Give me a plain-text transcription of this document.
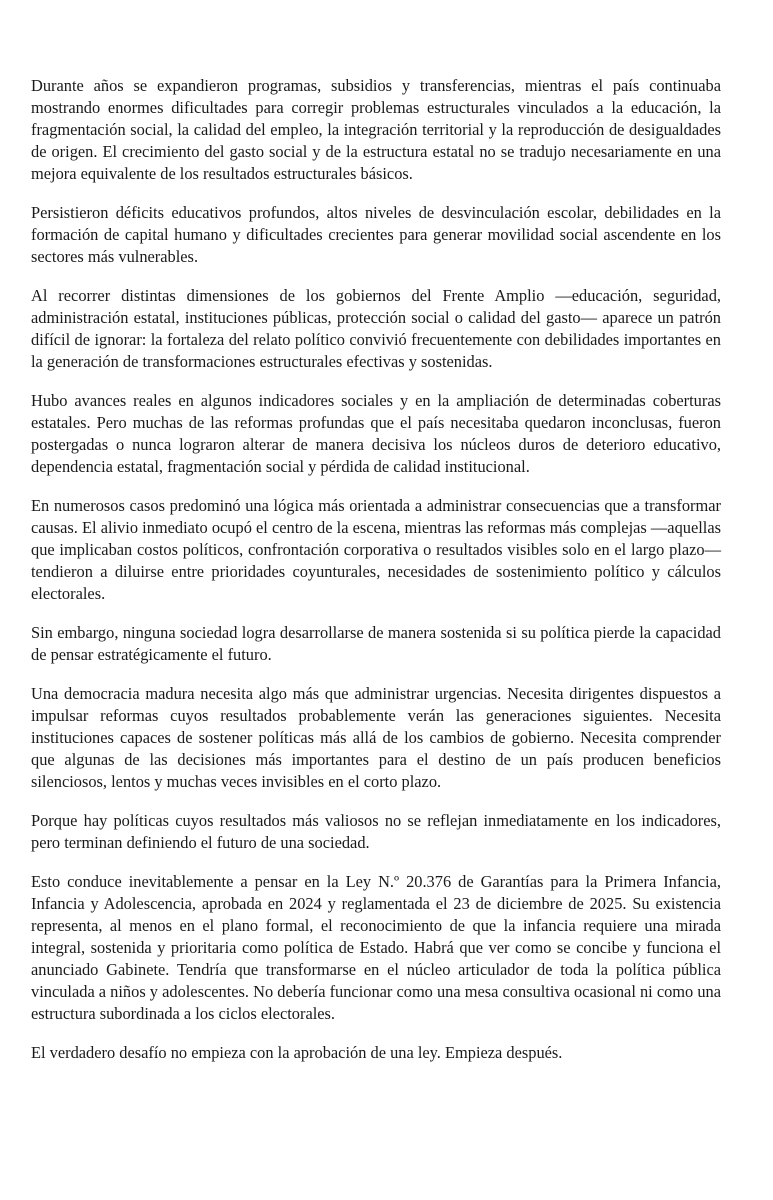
Durante años se expandieron programas, subsidios y transferencias, mientras el país continuaba mostrando enormes dificultades para corregir problemas estructurales vinculados a la educación, la fragmentación social, la calidad del empleo, la integración territorial y la reproducción de desigualdades de origen. El crecimiento del gasto social y de la estructura estatal no se tradujo necesariamente en una mejora equivalente de los resultados estructurales básicos.

Persistieron déficits educativos profundos, altos niveles de desvinculación escolar, debilidades en la formación de capital humano y dificultades crecientes para generar movilidad social ascendente en los sectores más vulnerables.

Al recorrer distintas dimensiones de los gobiernos del Frente Amplio —educación, seguridad, administración estatal, instituciones públicas, protección social o calidad del gasto— aparece un patrón difícil de ignorar: la fortaleza del relato político convivió frecuentemente con debilidades importantes en la generación de transformaciones estructurales efectivas y sostenidas.

Hubo avances reales en algunos indicadores sociales y en la ampliación de determinadas coberturas estatales. Pero muchas de las reformas profundas que el país necesitaba quedaron inconclusas, fueron postergadas o nunca lograron alterar de manera decisiva los núcleos duros de deterioro educativo, dependencia estatal, fragmentación social y pérdida de calidad institucional.

En numerosos casos predominó una lógica más orientada a administrar consecuencias que a transformar causas. El alivio inmediato ocupó el centro de la escena, mientras las reformas más complejas —aquellas que implicaban costos políticos, confrontación corporativa o resultados visibles solo en el largo plazo— tendieron a diluirse entre prioridades coyunturales, necesidades de sostenimiento político y cálculos electorales.

Sin embargo, ninguna sociedad logra desarrollarse de manera sostenida si su política pierde la capacidad de pensar estratégicamente el futuro.

Una democracia madura necesita algo más que administrar urgencias. Necesita dirigentes dispuestos a impulsar reformas cuyos resultados probablemente verán las generaciones siguientes. Necesita instituciones capaces de sostener políticas más allá de los cambios de gobierno. Necesita comprender que algunas de las decisiones más importantes para el destino de un país producen beneficios silenciosos, lentos y muchas veces invisibles en el corto plazo.

Porque hay políticas cuyos resultados más valiosos no se reflejan inmediatamente en los indicadores, pero terminan definiendo el futuro de una sociedad.

Esto conduce inevitablemente a pensar en la Ley N.º 20.376 de Garantías para la Primera Infancia, Infancia y Adolescencia, aprobada en 2024 y reglamentada el 23 de diciembre de 2025. Su existencia representa, al menos en el plano formal, el reconocimiento de que la infancia requiere una mirada integral, sostenida y prioritaria como política de Estado. Habrá que ver como se concibe y funciona el anunciado Gabinete. Tendría que transformarse en el núcleo articulador de toda la política pública vinculada a niños y adolescentes. No debería funcionar como una mesa consultiva ocasional ni como una estructura subordinada a los ciclos electorales.

El verdadero desafío no empieza con la aprobación de una ley. Empieza después.
